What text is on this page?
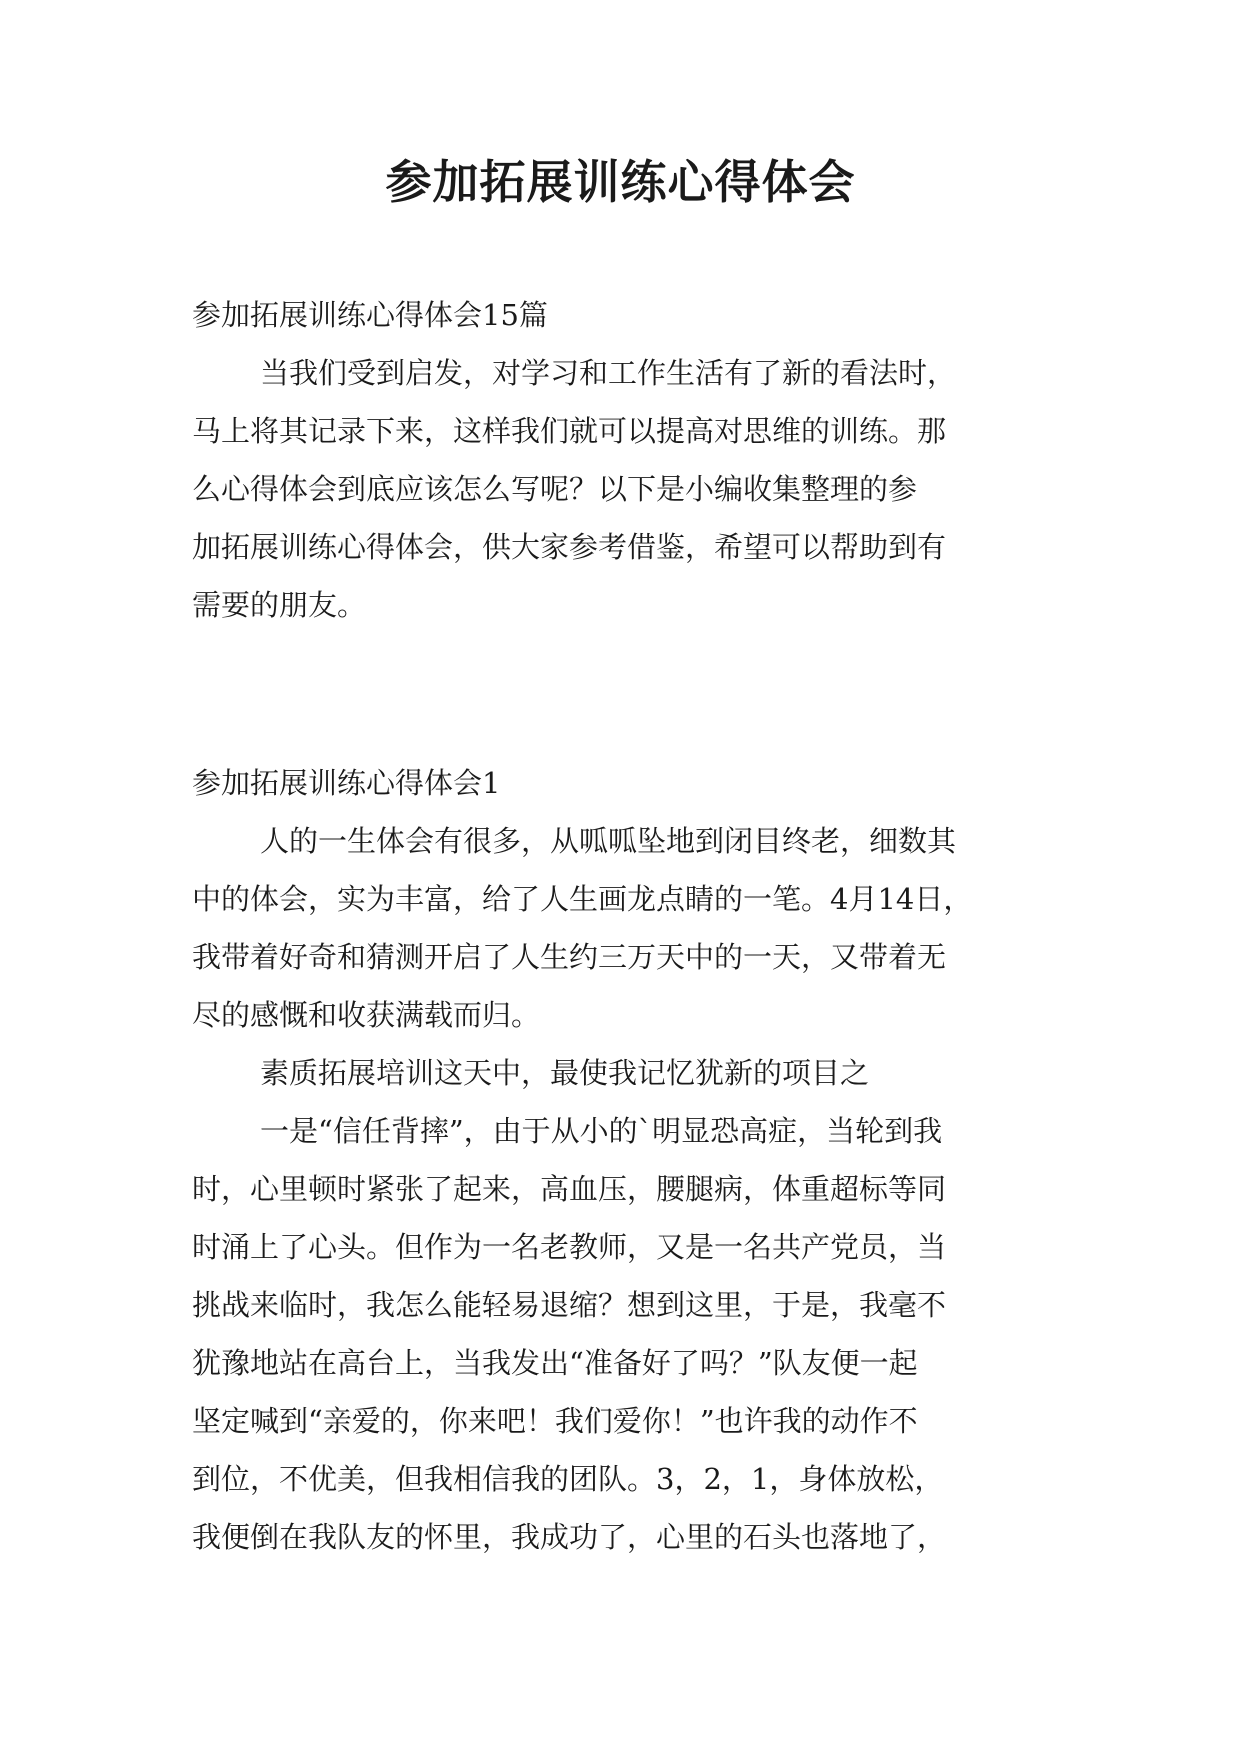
参加拓展训练心得体会
参加拓展训练心得体会15篇
当我们受到启发，对学习和工作生活有了新的看法时，
马上将其记录下来，这样我们就可以提高对思维的训练。那
么心得体会到底应该怎么写呢？以下是小编收集整理的参
加拓展训练心得体会，供大家参考借鉴，希望可以帮助到有
需要的朋友。
参加拓展训练心得体会1
人的一生体会有很多，从呱呱坠地到闭目终老，细数其
中的体会，实为丰富，给了人生画龙点睛的一笔。4月14日，
我带着好奇和猜测开启了人生约三万天中的一天，又带着无
尽的感慨和收获满载而归。
素质拓展培训这天中，最使我记忆犹新的项目之
一是“信任背摔”，由于从小的`明显恐高症，当轮到我
时，心里顿时紧张了起来，高血压，腰腿病，体重超标等同
时涌上了心头。但作为一名老教师，又是一名共产党员，当
挑战来临时，我怎么能轻易退缩？想到这里，于是，我毫不
犹豫地站在高台上，当我发出“准备好了吗？”队友便一起
坚定喊到“亲爱的，你来吧！我们爱你！”也许我的动作不
到位，不优美，但我相信我的团队。3，2，1，身体放松，
我便倒在我队友的怀里，我成功了，心里的石头也落地了，
